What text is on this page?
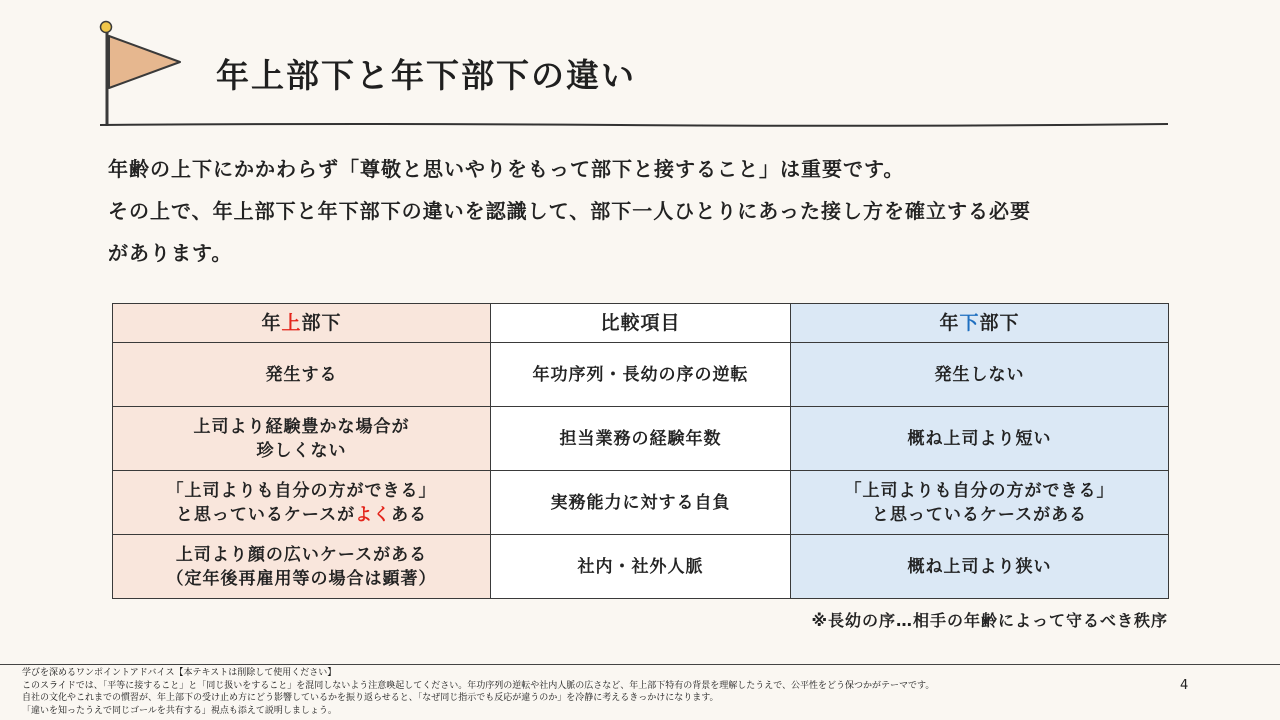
年上部下と年下部下の違い

年齢の上下にかかわらず「尊敬と思いやりをもって部下と接すること」は重要です。

その上で、年上部下と年下部下の違いを認識して、部下一人ひとりにあった接し方を確立する必要

があります。

年上部下	比較項目	年下部下
発生する	年功序列・長幼の序の逆転	発生しない
上司より経験豊かな場合が
珍しくない	担当業務の経験年数	概ね上司より短い
「上司よりも自分の方ができる」
と思っているケースがよくある	実務能力に対する自負	「上司よりも自分の方ができる」
と思っているケースがある
上司より顔の広いケースがある
（定年後再雇用等の場合は顕著）	社内・社外人脈	概ね上司より狭い
※長幼の序…相手の年齢によって守るべき秩序
学びを深めるワンポイントアドバイス【本テキストは削除して使用ください】
このスライドでは、「平等に接すること」と「同じ扱いをすること」を混同しないよう注意喚起してください。年功序列の逆転や社内人脈の広さなど、年上部下特有の背景を理解したうえで、公平性をどう保つかがテーマです。
自社の文化やこれまでの慣習が、年上部下の受け止め方にどう影響しているかを振り返らせると、「なぜ同じ指示でも反応が違うのか」を冷静に考えるきっかけになります。
「違いを知ったうえで同じゴールを共有する」視点も添えて説明しましょう。
4
